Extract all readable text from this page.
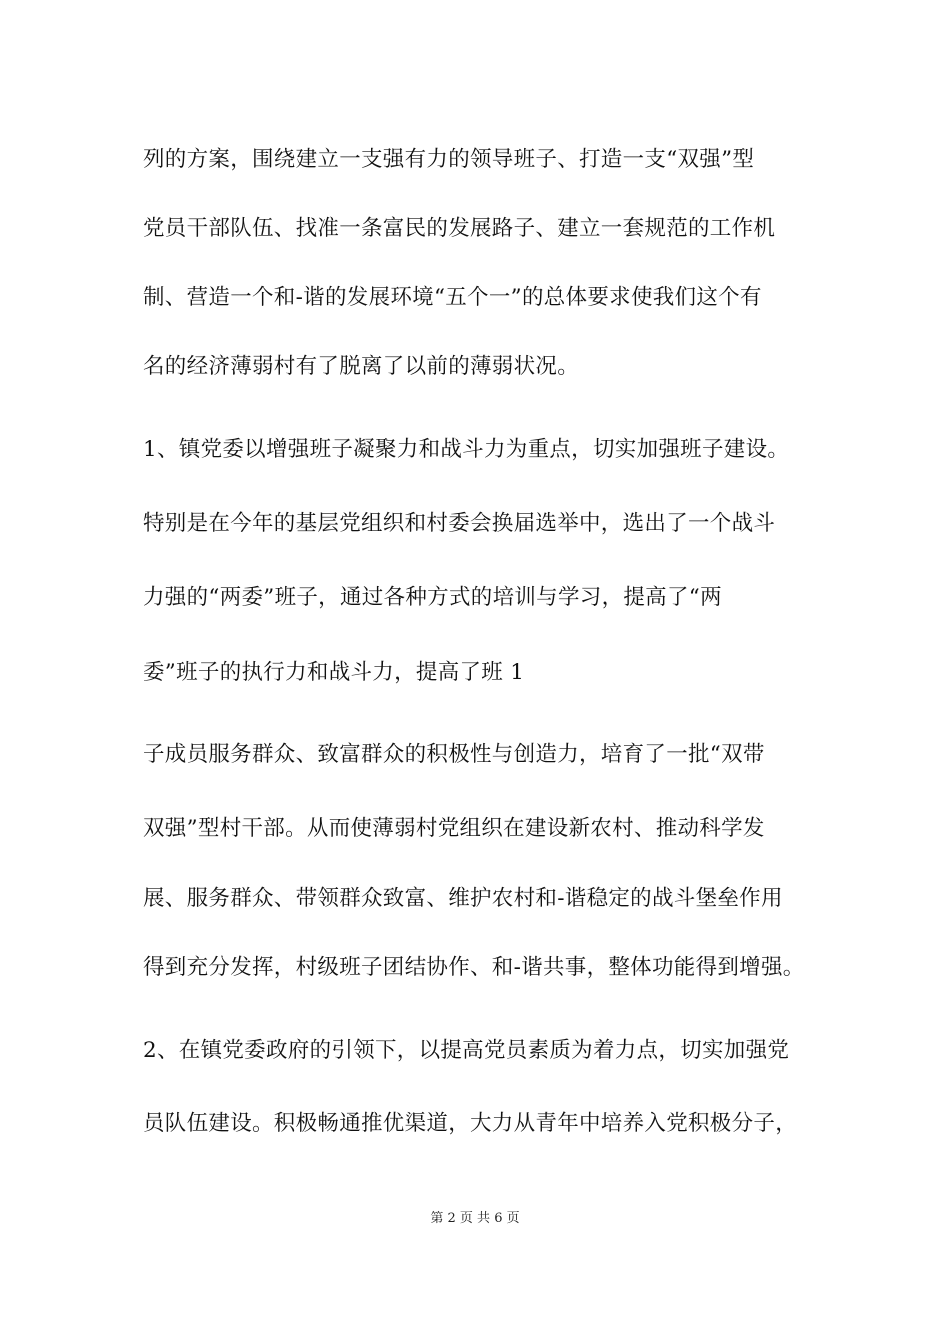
列的方案，围绕建立一支强有力的领导班子、打造一支“双强”型
党员干部队伍、找准一条富民的发展路子、建立一套规范的工作机
制、营造一个和-谐的发展环境“五个一”的总体要求使我们这个有
名的经济薄弱村有了脱离了以前的薄弱状况。
1、镇党委以增强班子凝聚力和战斗力为重点，切实加强班子建设。
特别是在今年的基层党组织和村委会换届选举中，选出了一个战斗
力强的“两委”班子，通过各种方式的培训与学习，提高了“两
委”班子的执行力和战斗力，提高了班 1
子成员服务群众、致富群众的积极性与创造力，培育了一批“双带
双强”型村干部。从而使薄弱村党组织在建设新农村、推动科学发
展、服务群众、带领群众致富、维护农村和-谐稳定的战斗堡垒作用
得到充分发挥，村级班子团结协作、和-谐共事，整体功能得到增强。
2、在镇党委政府的引领下，以提高党员素质为着力点，切实加强党
员队伍建设。积极畅通推优渠道，大力从青年中培养入党积极分子，
第 2 页 共 6 页
